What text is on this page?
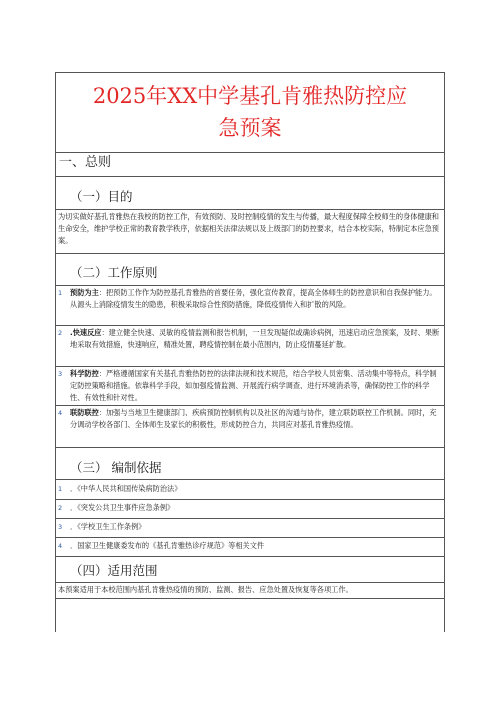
2025年XX中学基孔肯雅热防控应
急预案
一、总则
（一）目的

为切实做好基孔肯雅热在我校的防控工作，有效预防、及时控制疫情的发生与传播，最大程度保障全校师生的身体健康和生命安全，维护学校正常的教育教学秩序，依据相关法律法规以及上级部门的防控要求，结合本校实际，特制定本应急预案。

（二）工作原则
1	预防为主：把预防工作作为防控基孔肯雅热的首要任务，强化宣传教育，提高全体师生的防控意识和自我保护能力。从源头上消除疫情发生的隐患，积极采取综合性预防措施，降低疫情传入和扩散的风险。
2	.快速反应：建立健全快速、灵敏的疫情监测和报告机制，一旦发现疑似或确诊病例，迅速启动应急预案，及时、果断地采取有效措施，快速响应，精准处置，聘疫情控制在最小范围内，防止疫情蔓延扩散。
3	科学防控：严格遵循国家有关基孔肯雅热防控的法律法规和技术规范，结合学校人员密集、活动集中等特点，科学制定防控策略和措施。依靠科学手段，如加强疫情监测、开展流行病学调查、进行环境消杀等，确保防控工作的科学性、有效性和针对性。
4	联防联控：加强与当地卫生健康部门、疾病预防控制机构以及社区的沟通与协作，建立联防联控工作机制。同时，充分调动学校各部门、全体师生及家长的积极性，形成防控合力，共同应对基孔肯雅热疫情。
（三） 编制依据
1	．《中华人民共和国传染病防治法》
2	．《突发公共卫生事件应急条例》
3	．《学校卫生工作条例》
4	．国家卫生健康委发布的《基孔肯雅热诊疗规范》等相关文件
（四）适用范围

本预案适用于本校范围内基孔肯雅热疫情的预防、监测、报告、应急处置及恢复等各项工作。
